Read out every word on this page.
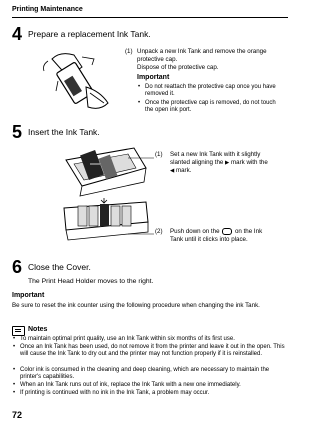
Printing Maintenance
4 Prepare a replacement Ink Tank.
(1) Unpack a new Ink Tank and remove the orange protective cap.
Dispose of the protective cap.
Important
• Do not reattach the protective cap once you have removed it.
• Once the protective cap is removed, do not touch the open ink port.
5 Insert the Ink Tank.
(1) Set a new Ink Tank with it slightly
slanted aligning the ▶ mark with the
◀ mark.
(2) Push down on the  on the Ink
Tank until it clicks into place.
6 Close the Cover.
The Print Head Holder moves to the right.
Important
Be sure to reset the ink counter using the following procedure when changing the ink Tank.
Notes
• To maintain optimal print quality, use an Ink Tank within six months of its first use.
• Once an Ink Tank has been used, do not remove it from the printer and leave it out in the open. This will cause the Ink Tank to dry out and the printer may not function properly if it is reinstalled.
• Color ink is consumed in the cleaning and deep cleaning, which are necessary to maintain the printer's capabilities.
• When an Ink Tank runs out of ink, replace the Ink Tank with a new one immediately.
• If printing is continued with no ink in the Ink Tank, a problem may occur.
72
